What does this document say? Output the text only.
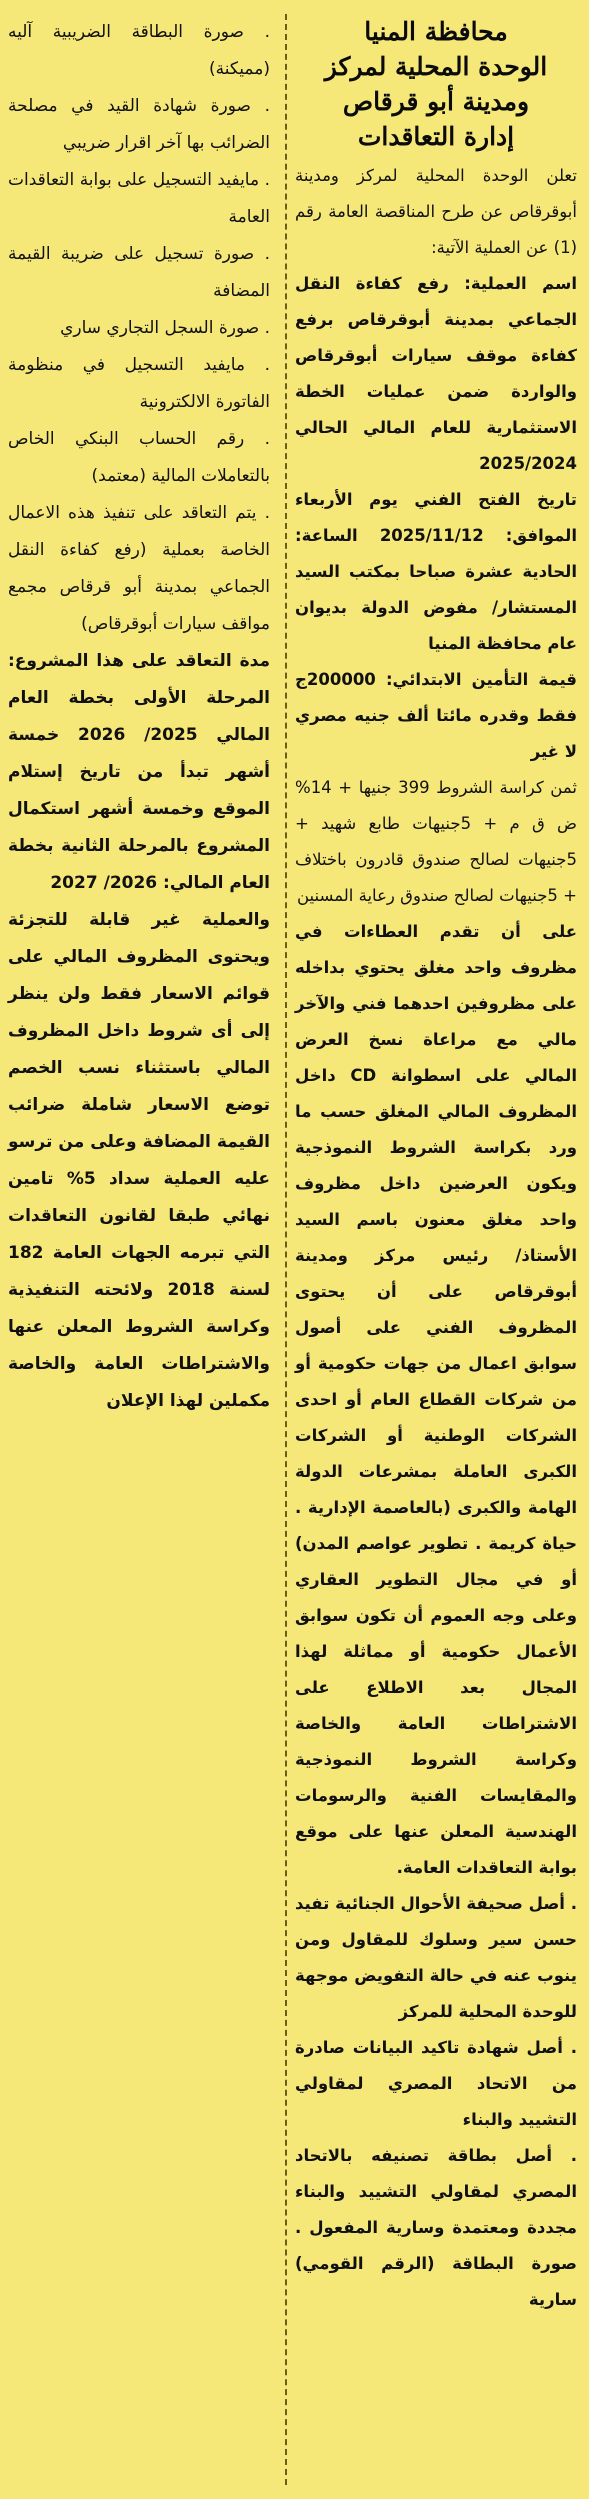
محافظة المنيا
الوحدة المحلية لمركز
ومدينة أبو قرقاص
إدارة التعاقدات

تعلن الوحدة المحلية لمركز ومدينة أبوقرقاص عن طرح المناقصة العامة رقم (1) عن العملية الآتية:

اسم العملية: رفع كفاءة النقل الجماعي بمدينة أبوقرقاص برفع كفاءة موقف سيارات أبوقرقاص والواردة ضمن عمليات الخطة الاستثمارية للعام المالي الحالي 2025/2024

تاريخ الفتح الفني يوم الأربعاء الموافق: 2025/11/12 الساعة: الحادية عشرة صباحا بمكتب السيد المستشار/ مفوض الدولة بديوان عام محافظة المنيا

قيمة التأمين الابتدائي: 200000ج فقط وقدره مائتا ألف جنيه مصري لا غير

ثمن كراسة الشروط 399 جنيها + 14% ض ق م + 5جنيهات طابع شهيد + 5جنيهات لصالح صندوق قادرون باختلاف + 5جنيهات لصالح صندوق رعاية المسنين

على أن تقدم العطاءات في مظروف واحد مغلق يحتوي بداخله على مظروفين احدهما فني والآخر مالي مع مراعاة نسخ العرض المالي على اسطوانة CD داخل المظروف المالي المغلق حسب ما ورد بكراسة الشروط النموذجية ويكون العرضين داخل مظروف واحد مغلق معنون باسم السيد الأستاذ/ رئيس مركز ومدينة أبوقرقاص على أن يحتوى المظروف الفني على أصول سوابق اعمال من جهات حكومية أو من شركات القطاع العام أو احدى الشركات الوطنية أو الشركات الكبرى العاملة بمشرعات الدولة الهامة والكبرى (بالعاصمة الإدارية . حياة كريمة . تطوير عواصم المدن) أو في مجال التطوير العقاري وعلى وجه العموم أن تكون سوابق الأعمال حكومية أو مماثلة لهذا المجال بعد الاطلاع على الاشتراطات العامة والخاصة وكراسة الشروط النموذجية والمقايسات الفنية والرسومات الهندسية المعلن عنها على موقع بوابة التعاقدات العامة.

. أصل صحيفة الأحوال الجنائية تفيد حسن سير وسلوك للمقاول ومن ينوب عنه في حالة التفويض موجهة للوحدة المحلية للمركز

. أصل شهادة تاكيد البيانات صادرة من الاتحاد المصري لمقاولي التشييد والبناء

. أصل بطاقة تصنيفه بالاتحاد المصري لمقاولي التشييد والبناء مجددة ومعتمدة وسارية المفعول . صورة البطاقة (الرقم القومي) سارية

. صورة البطاقة الضريبية آليه (مميكنة)

. صورة شهادة القيد في مصلحة الضرائب بها آخر اقرار ضريبي

. مايفيد التسجيل على بوابة التعاقدات العامة

. صورة تسجيل على ضريبة القيمة المضافة

. صورة السجل التجاري ساري

. مايفيد التسجيل في منظومة الفاتورة الالكترونية

. رقم الحساب البنكي الخاص بالتعاملات المالية (معتمد)

. يتم التعاقد على تنفيذ هذه الاعمال الخاصة بعملية (رفع كفاءة النقل الجماعي بمدينة أبو قرقاص مجمع مواقف سيارات أبوقرقاص)

مدة التعاقد على هذا المشروع: المرحلة الأولى بخطة العام المالي 2025/ 2026 خمسة أشهر تبدأ من تاريخ إستلام الموقع وخمسة أشهر استكمال المشروع بالمرحلة الثانية بخطة العام المالي: 2026/ 2027

والعملية غير قابلة للتجزئة ويحتوى المظروف المالي على قوائم الاسعار فقط ولن ينظر إلى أى شروط داخل المظروف المالي باستثناء نسب الخصم توضع الاسعار شاملة ضرائب القيمة المضافة وعلى من ترسو عليه العملية سداد 5% تامين نهائي طبقا لقانون التعاقدات التي تبرمه الجهات العامة 182 لسنة 2018 ولائحته التنفيذية وكراسة الشروط المعلن عنها والاشتراطات العامة والخاصة مكملين لهذا الإعلان
